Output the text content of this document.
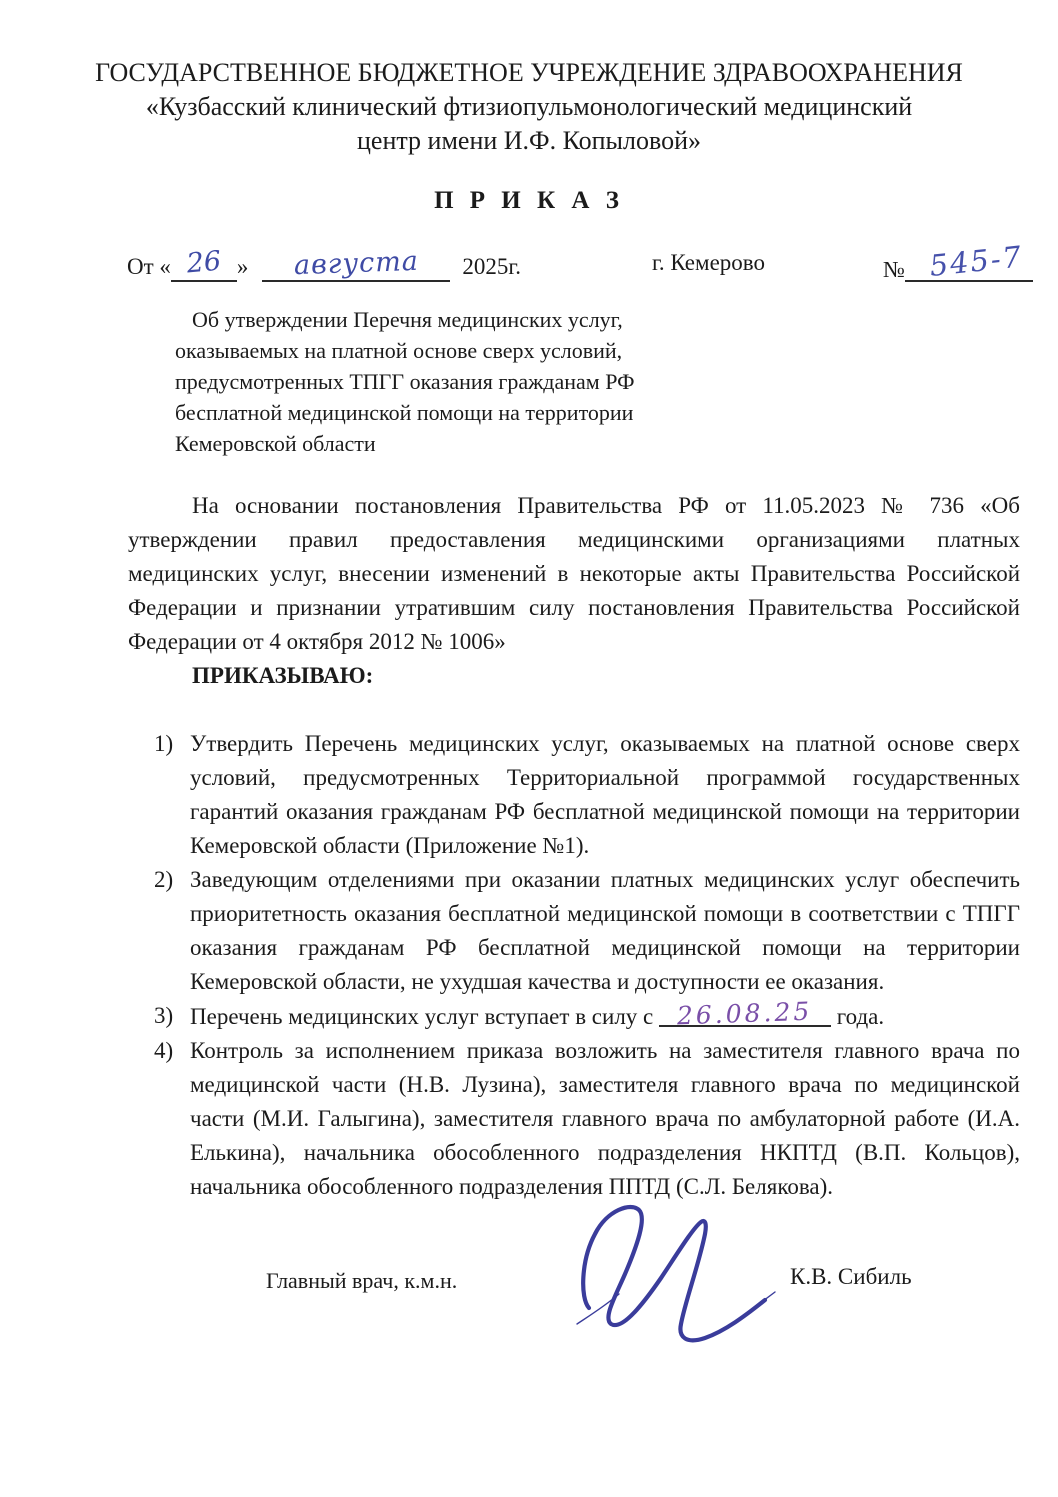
ГОСУДАРСТВЕННОЕ БЮДЖЕТНОЕ УЧРЕЖДЕНИЕ ЗДРАВООХРАНЕНИЯ
«Кузбасский клинический фтизиопульмонологический медицинский
центр имени И.Ф. Копыловой»
П Р И К А З
От « 26 » августа 2025г.	г. Кемерово	№ 545-7
Об утверждении Перечня медицинских услуг, оказываемых на платной основе сверх условий, предусмотренных ТПГГ оказания гражданам РФ бесплатной медицинской помощи на территории Кемеровской области
На основании постановления Правительства РФ от 11.05.2023 № 736 «Об утверждении правил предоставления медицинскими организациями платных медицинских услуг, внесении изменений в некоторые акты Правительства Российской Федерации и признании утратившим силу постановления Правительства Российской Федерации от 4 октября 2012 № 1006»
ПРИКАЗЫВАЮ:
1) Утвердить Перечень медицинских услуг, оказываемых на платной основе сверх условий, предусмотренных Территориальной программой государственных гарантий оказания гражданам РФ бесплатной медицинской помощи на территории Кемеровской области (Приложение №1).
2) Заведующим отделениями при оказании платных медицинских услуг обеспечить приоритетность оказания бесплатной медицинской помощи в соответствии с ТПГГ оказания гражданам РФ бесплатной медицинской помощи на территории Кемеровской области, не ухудшая качества и доступности ее оказания.
3) Перечень медицинских услуг вступает в силу с 26.08.25 года.
4) Контроль за исполнением приказа возложить на заместителя главного врача по медицинской части (Н.В. Лузина), заместителя главного врача по медицинской части (М.И. Галыгина), заместителя главного врача по амбулаторной работе (И.А. Елькина), начальника обособленного подразделения НКПТД (В.П. Кольцов), начальника обособленного подразделения ППТД (С.Л. Белякова).
Главный врач, к.м.н.	К.В. Сибиль
